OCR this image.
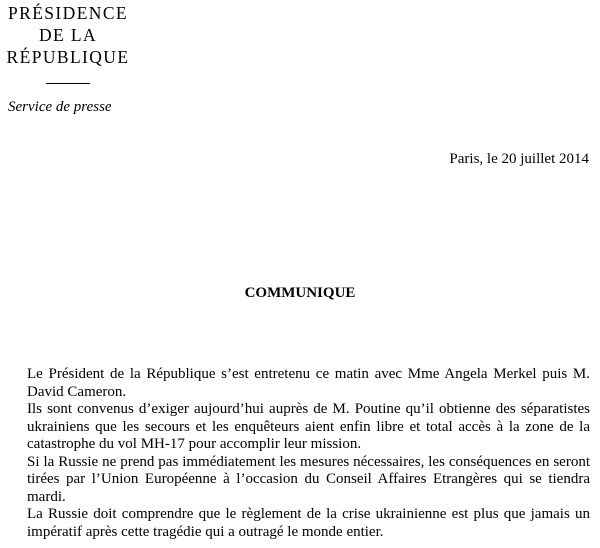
PRÉSIDENCE
DE LA
RÉPUBLIQUE
Service de presse
Paris, le 20 juillet 2014
COMMUNIQUE

Le Président de la République s’est entretenu ce matin avec Mme Angela Merkel puis M. David Cameron.

Ils sont convenus d’exiger aujourd’hui auprès de M. Poutine qu’il obtienne des séparatistes ukrainiens que les secours et les enquêteurs aient enfin libre et total accès à la zone de la catastrophe du vol MH-17 pour accomplir leur mission.

Si la Russie ne prend pas immédiatement les mesures nécessaires, les conséquences en seront tirées par l’Union Européenne à l’occasion du Conseil Affaires Etrangères qui se tiendra mardi.

La Russie doit comprendre que le règlement de la crise ukrainienne est plus que jamais un impératif après cette tragédie qui a outragé le monde entier.
